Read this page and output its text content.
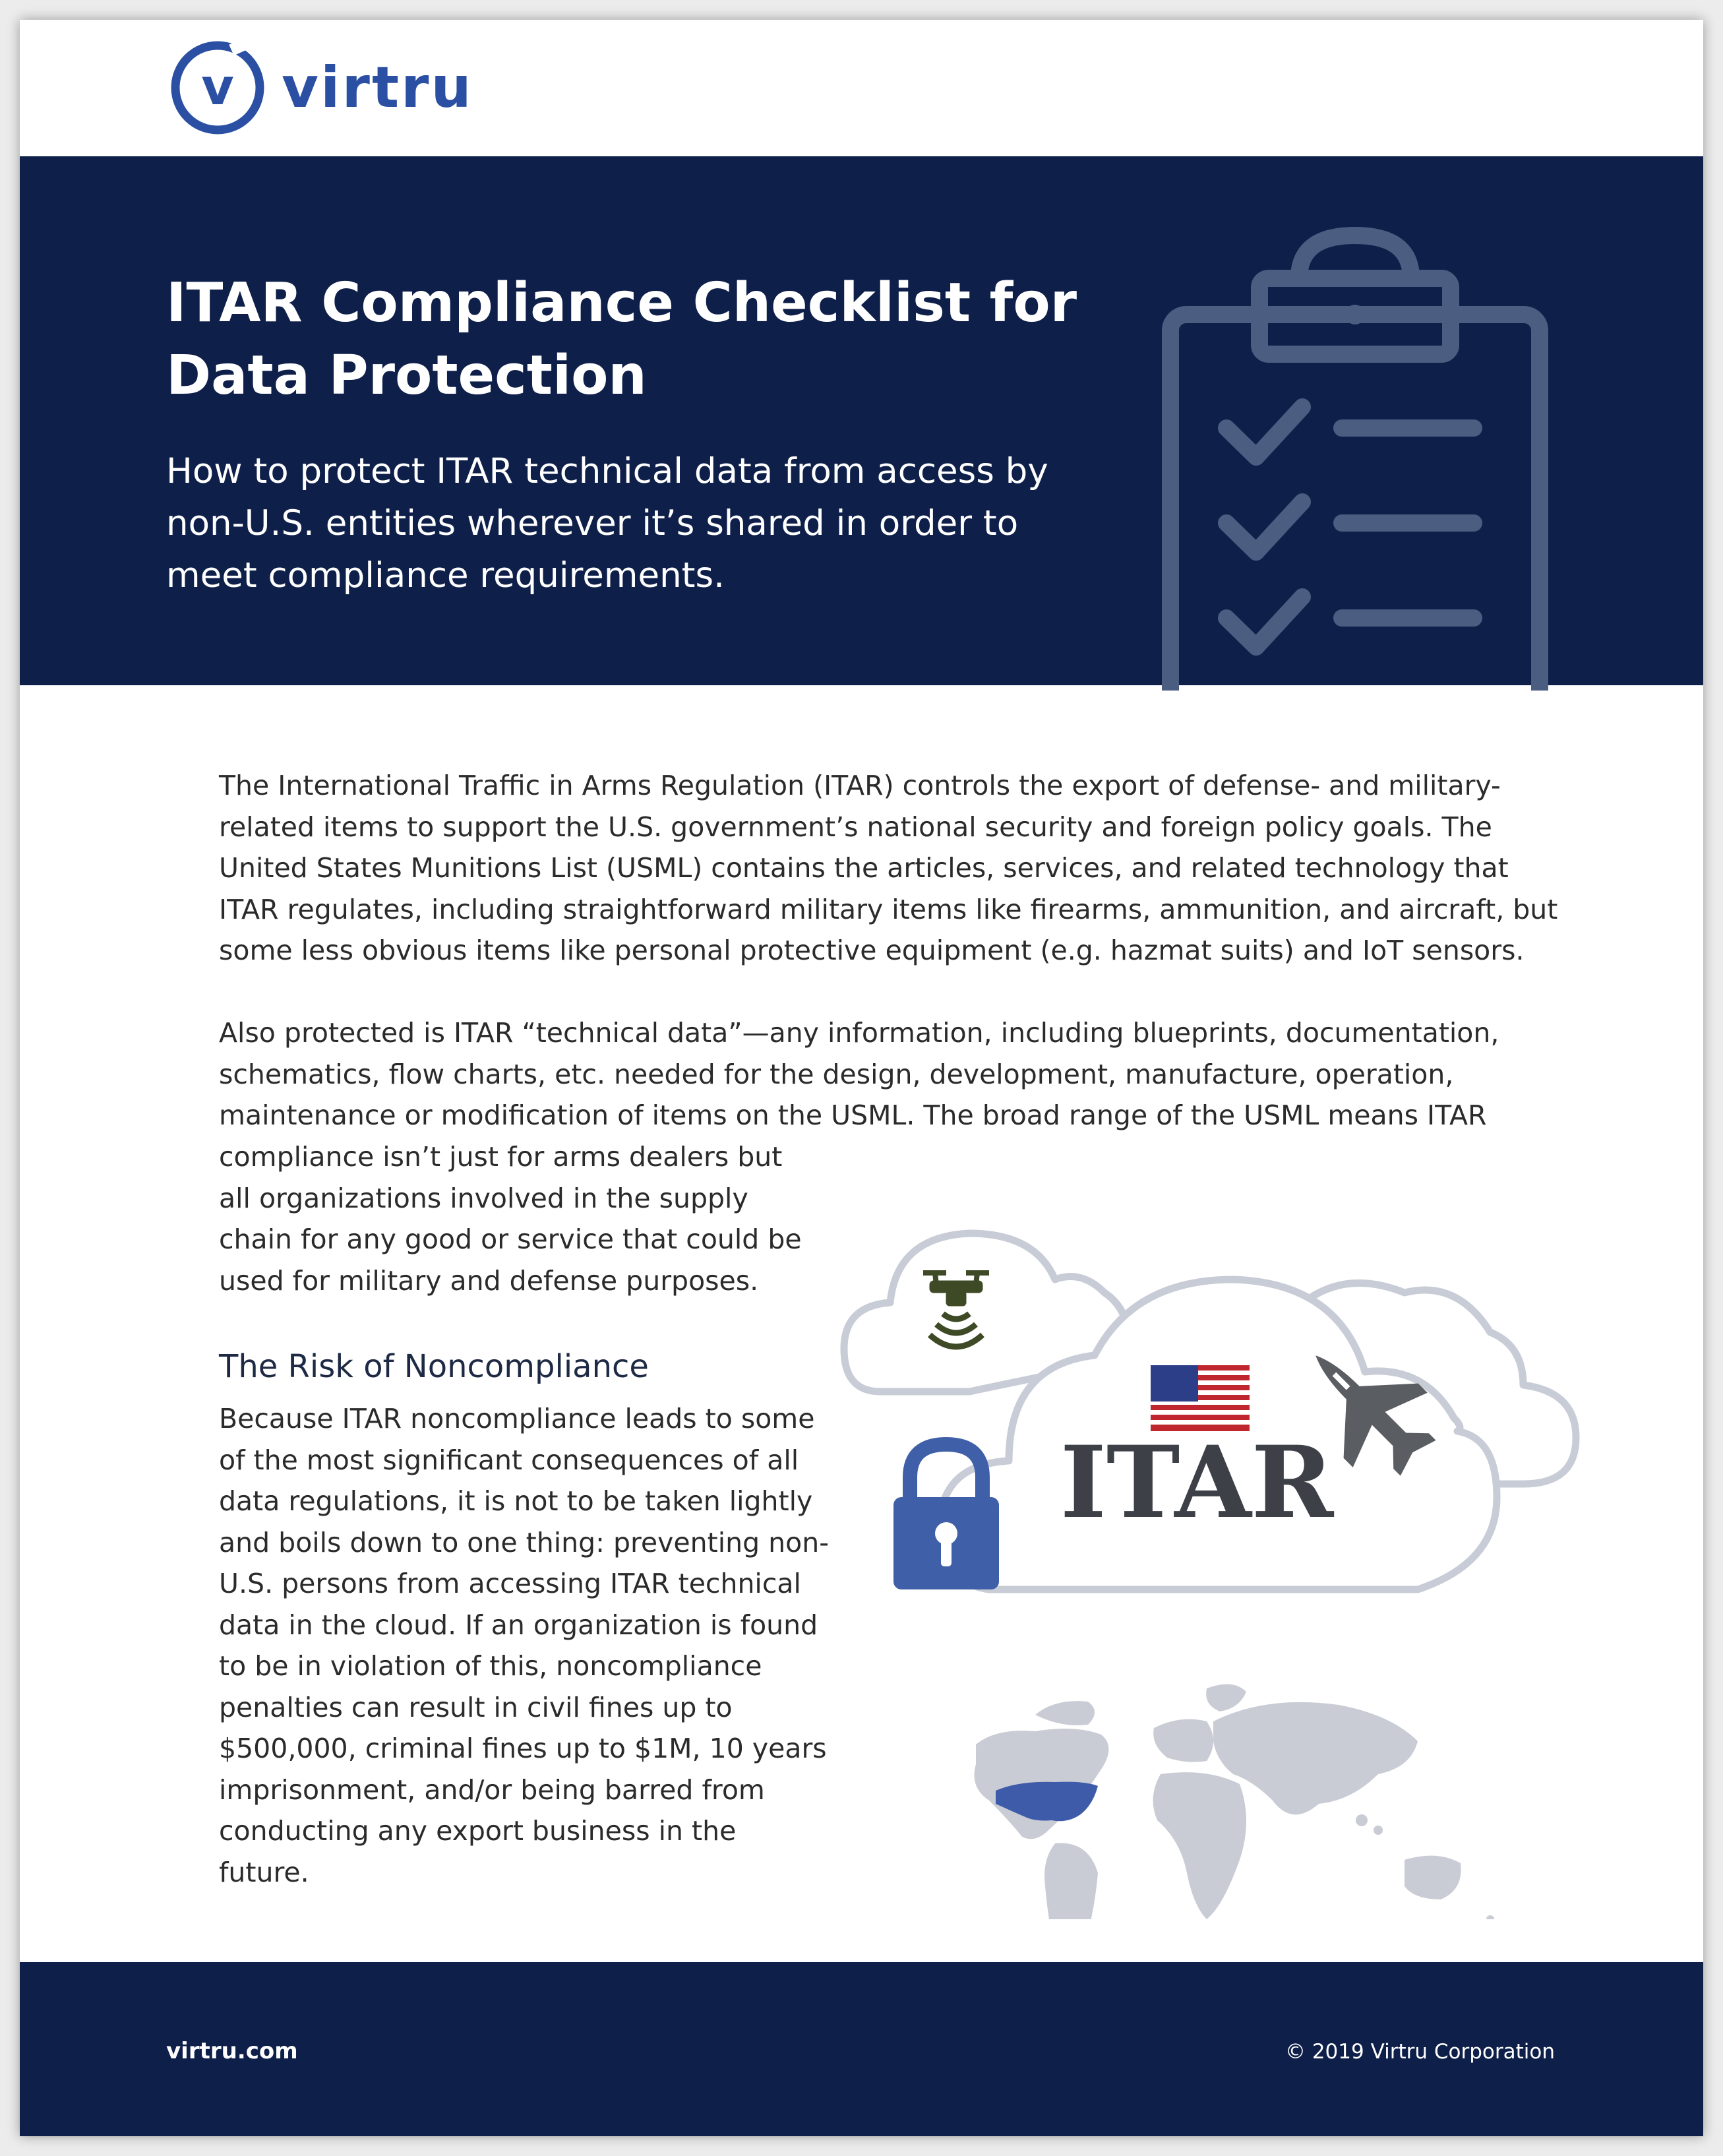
v virtru
ITAR Compliance Checklist for Data Protection

How to protect ITAR technical data from access by non-U.S. entities wherever it’s shared in order to meet compliance requirements.

The International Traffic in Arms Regulation (ITAR) controls the export of defense- and military-related items to support the U.S. government’s national security and foreign policy goals. The United States Munitions List (USML) contains the articles, services, and related technology that ITAR regulates, including straightforward military items like firearms, ammunition, and aircraft, but some less obvious items like personal protective equipment (e.g. hazmat suits) and IoT sensors.

Also protected is ITAR “technical data”—any information, including blueprints, documentation, schematics, flow charts, etc. needed for the design, development, manufacture, operation, maintenance or modification of items on the USML. The broad range of the USML means ITAR

compliance isn’t just for arms dealers but all organizations involved in the supply chain for any good or service that could be used for military and defense purposes.

The Risk of Noncompliance

Because ITAR noncompliance leads to some of the most significant consequences of all data regulations, it is not to be taken lightly and boils down to one thing: preventing non-U.S. persons from accessing ITAR technical data in the cloud. If an organization is found to be in violation of this, noncompliance penalties can result in civil fines up to $500,000, criminal fines up to $1M, 10 years imprisonment, and/or being barred from conducting any export business in the future.

ITAR
virtru.com	© 2019 Virtru Corporation
